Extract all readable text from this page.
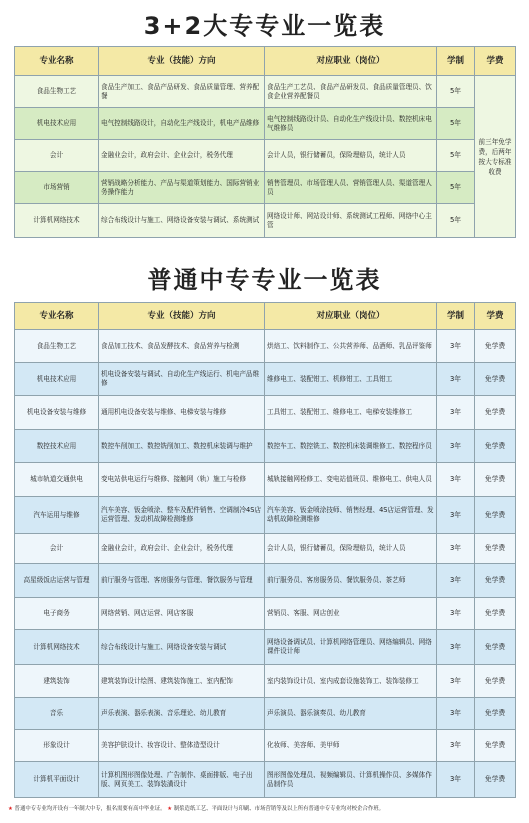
3+2大专专业一览表
专业名称	专业（技能）方向	对应职业（岗位）	学制	学费
食品生物工艺	食品生产加工、食品产品研发、食品质量管理、营养配餐	食品生产工艺员、食品产品研发员、食品质量管理员、饮食企业营养配餐员	5年	前三年免学费，后两年按大专标准收费
机电技术应用	电气控制线路设计，自动化生产线设计，机电产品维修	电气控制线路设计员、自动化生产线设计员、数控机床电气维修员	5年	
会计	金融业会计，政府会计、企业会计，税务代理	会计人员，银行储蓄员，保险理赔员，统计人员	5年	
市场营销	营销战略分析能力、产品与渠道策划能力、国际营销业务操作能力	销售管理员、市场管理人员、营销管理人员、渠道管理人员	5年	
计算机网络技术	综合布线设计与施工、网络设备安装与调试、系统测试	网络设计师、网站设计师、系统测试工程师、网络中心主管	5年	
普通中专专业一览表
专业名称	专业（技能）方向	对应职业（岗位）	学制	学费
食品生物工艺	食品加工技术、食品发酵技术、食品营养与检测	烘焙工、饮料制作工、公共营养师、品酒师、乳品评鉴师	3年	免学费
机电技术应用	机电设备安装与调试、自动化生产线运行、机电产品维修	维修电工、装配钳工、机修钳工、工具钳工	3年	免学费
机电设备安装与维修	通用机电设备安装与维修、电梯安装与维修	工具钳工、装配钳工、维修电工、电梯安装维修工	3年	免学费
数控技术应用	数控车削加工、数控铣削加工、数控机床装调与维护	数控车工、数控铣工、数控机床装调维修工、数控程序员	3年	免学费
城市轨道交通供电	变电站供电运行与维修、接触网（轨）施工与检修	城轨接触网检修工、变电站值班员、维修电工、供电人员	3年	免学费
汽车运用与维修	汽车美容、钣金喷涂、整车及配件销售、空调制冷4S店运营管理、发动机故障检测维修	汽车美容、钣金喷涂技师、销售经理、4S店运营管理、发动机故障检测维修	3年	免学费
会计	金融业会计，政府会计、企业会计，税务代理	会计人员，银行储蓄员，保险理赔员，统计人员	3年	免学费
高星级饭店运营与管理	前厅服务与管理、客房服务与管理、餐饮服务与管理	前厅服务员、客房服务员、餐饮服务员、茶艺师	3年	免学费
电子商务	网络营销、网店运营、网店客服	营销员、客服、网店创业	3年	免学费
计算机网络技术	综合布线设计与施工、网络设备安装与调试	网络设备调试员、计算机网络管理员、网络编辑员、网络课件设计师	3年	免学费
建筑装饰	建筑装饰设计绘图、建筑装饰施工、室内配饰	室内装饰设计员、室内成套设施装饰工、装饰装修工	3年	免学费
音乐	声乐表演、器乐表演、音乐理论、幼儿教育	声乐演员、器乐演奏员、幼儿教育	3年	免学费
形象设计	美容护肤设计、妆容设计、整体造型设计	化妆师、美容师、美甲师	3年	免学费
计算机平面设计	计算机图形图像处理、广告制作、桌面排版、电子出版、网页美工、装饰装潢设计	图形图像处理员、视频编辑员、计算机操作员、多媒体作品制作员	3年	免学费
★ 普通中专专业均开设有一年制大中专，报名需要有高中毕业证。 ★ 制浆造纸工艺、平面设计与印刷、市场营销等及以上所有普通中专专业均对校企合作班。
